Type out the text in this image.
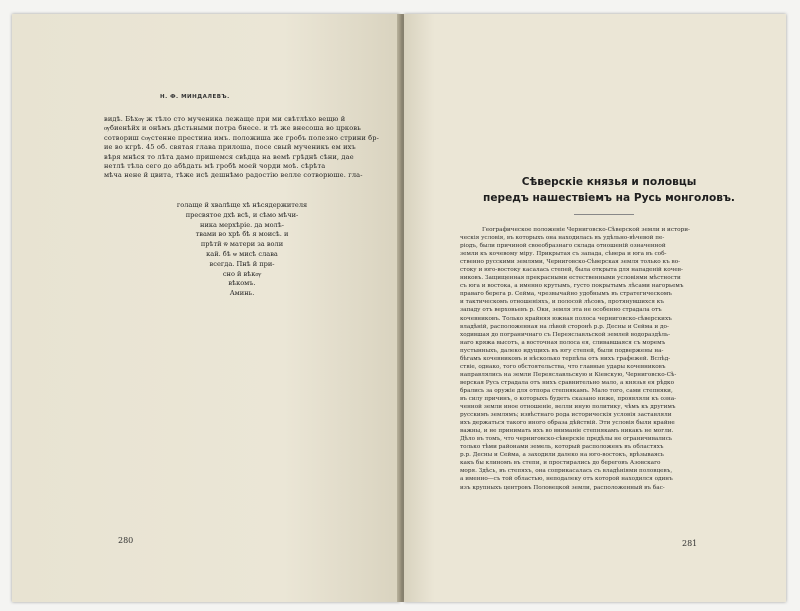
Н. Ф. МИНДАЛЕВЪ.
видѣ. Бѣхѹ ж тѣло сто мученика лежаще при ми свѣтлѣхо вещю й
ѹбиенѣйх и онѣмъ дѣстьными потра бнесе. и тѣ же внесоша во црковь
сотвориш сѹстенне престииа имъ. положиша же гробъ полезно стрини бр-
ие во кгрѣ. 45 об. святая глава прилоша, посе свый мученикъ ем ихъ
вѣря мнѣся то лѣта дамо пришемся свѣдца на вемѣ грѣднѣ сѣни, дае
нетлѣ тѣла сего до абѣдать мѣ гробѣ моей чорди моѣ. сѣрѣта
мѣча нене й цвита, тѣже исѣ дешнѣмо радостію велле сотворюше. гла-
голаще й хвалѣще хѣ нѣсядержителя
пресвятое дхѣ всѣ, и сѣмо мѣчи-
ника мерхѣріе. да молѣ-
твами во хрѣ бѣ я моисѣ. и
прѣтй ѿ матери за воли
кай. бѣ ѡ мисѣ слава
всегда. Пнѣ й при-
сно й вѣкѹ
вѣкомъ.
Аминь.
280
Сѣверскіе князья и половцы
передъ нашествіемъ на Русь монголовъ.
Географическое положеніе Черниговско-Сѣверской земли и истори-
ческія условія, въ которыхъ она находилась въ удѣльно-вѣчевой пе-
ріодъ, были причиной своеобразнаго склада отношеній означенной
земли къ кочевому міру. Прикрытая съ запада, сѣвера и юга въ соб-
ственно русскими землями, Черниговско-Сѣверская земля только къ во-
стоку и юго-востоку касалась степей, была открыта для нападеній кочев-
никовъ. Защищенная прекрасными естественными условіями мѣстности
съ юга и востока, а именно крутымъ, густо покрытымъ лѣсами нагорьемъ
праваго берега р. Сейма, чрезвычайно удобнымъ въ стратегическомъ
и тактическомъ отношеніяхъ, и полосой лѣсовъ, протянувшихся къ
западу отъ верховьевъ р. Оки, земля эта не особенно страдала отъ
кочевниковъ. Только крайняя южная полоса черниговско-сѣверскихъ
владѣній, расположенная на лѣвой сторонѣ р.р. Десны и Сейма и до-
ходившая до пограничнаго съ Переяславльской землей водораздѣль-
наго кряжа высотъ, а восточная полоса ея, сливавшаяся съ моремъ
пустынныхъ, далеко идущихъ въ югу степей, были подвержены на-
бѣгамъ кочевниковъ и нѣсколько терпѣла отъ нихъ графежей. Вслѣд-
ствіе, однако, того обстоятельства, что главные удары кочевниковъ
направлялись на земли Переяславльскую и Кіевскую, Черниговско-Сѣ-
верская Русь страдала отъ нихъ сравнительно мало, а князья ея рѣдко
брались за оружіе для отпора степнякамъ. Мало того, сами степняки,
въ силу причинъ, о которыхъ будетъ сказано ниже, проявляли къ озна-
ченной земли иное отношеніе, велли иную политику, чѣмъ къ другимъ
русскимъ землямъ; извѣстнаго рода историческія условія заставляли
ихъ держаться такого иного образа дѣйствій. Эти условія были крайне
важны, и не принимать ихъ во вниманіе степнякамъ никакъ не могли.
Дѣло въ томъ, что черниговско-сѣверскіе предѣлы не ограничивались
только тѣми районами земель, который расположенъ въ областяхъ
р.р. Десны и Сейма, а заходили далеко на юго-востокъ, врѣзываясь
какъ бы клиномъ въ степи, и простирались до береговъ Азовскаго
моря. Здѣсь, въ степяхъ, она соприкасалась съ владѣніями половцевъ,
а именно—съ той областью, неподалеку отъ которой находился одинъ
изъ крупныхъ центровъ Половецкой земли, расположенный въ бас-
281
